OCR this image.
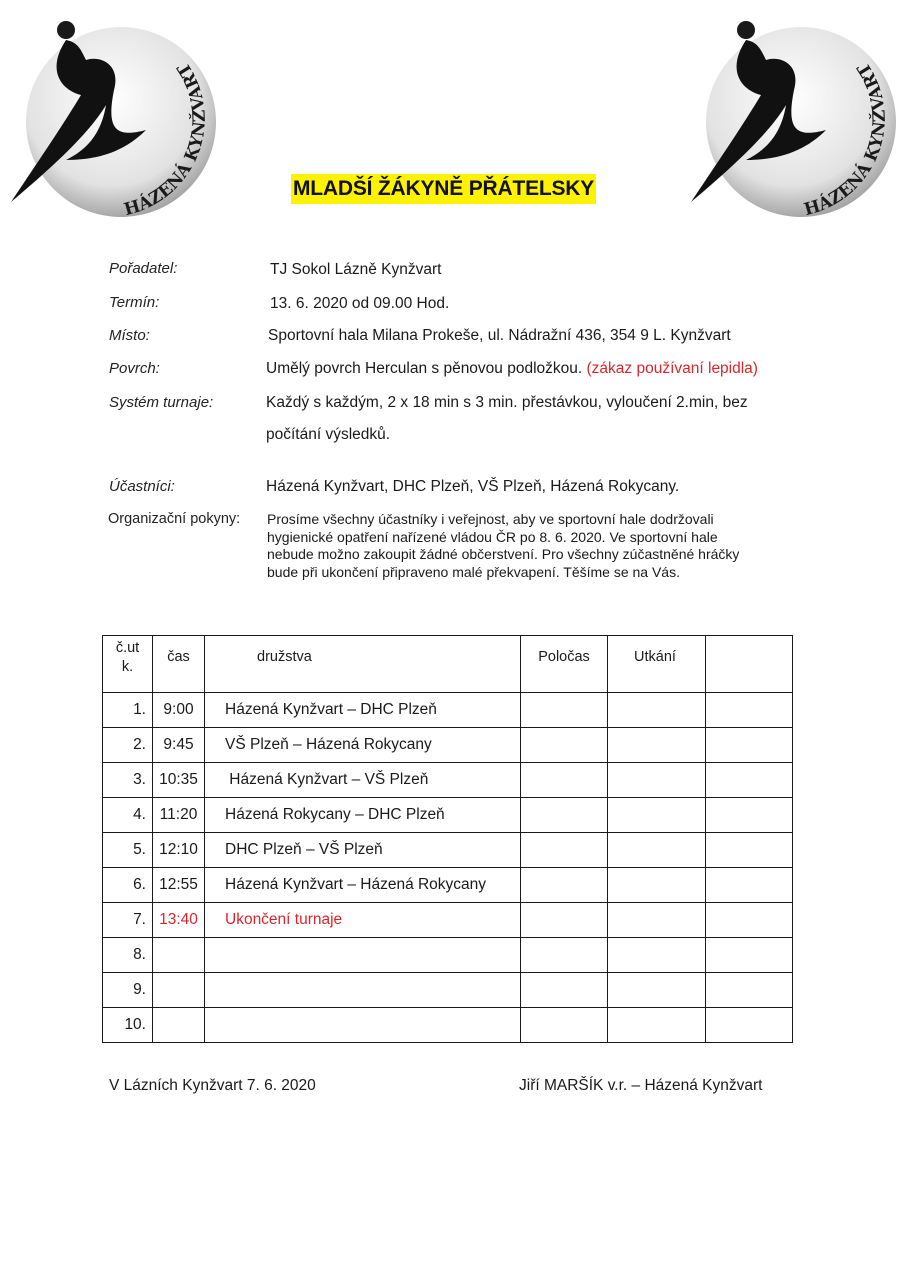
HÁZENÁ KYNŽVART
HÁZENÁ KYNŽVART
MLADŠÍ ŽÁKYNĚ PŘÁTELSKY
Pořadatel:	TJ Sokol Lázně Kynžvart
Termín:	13. 6. 2020 od 09.00 Hod.
Místo:	Sportovní hala Milana Prokeše, ul. Nádražní 436, 354 9 L. Kynžvart
Povrch:	Umělý povrch Herculan s pěnovou podložkou. (zákaz používaní lepidla)
Systém turnaje:	Každý s každým, 2 x 18 min s 3 min. přestávkou, vyloučení 2.min, bez
počítání výsledků.
Účastníci:	Házená Kynžvart, DHC Plzeň, VŠ Plzeň, Házená Rokycany.
Organizační pokyny: Prosíme všechny účastníky i veřejnost, aby ve sportovní hale dodržovali
hygienické opatření nařízené vládou ČR po 8. 6. 2020. Ve sportovní hale
nebude možno zakoupit žádné občerstvení. Pro všechny zúčastněné hráčky
bude při ukončení připraveno malé překvapení. Těšíme se na Vás.
č.ut
k.	čas	družstva	Poločas	Utkání	

1.	9:00	Házená Kynžvart – DHC Plzeň			

2.	9:45	VŠ Plzeň – Házená Rokycany			

3.	10:35	Házená Kynžvart – VŠ Plzeň			

4.	11:20	Házená Rokycany – DHC Plzeň			

5.	12:10	DHC Plzeň – VŠ Plzeň			

6.	12:55	Házená Kynžvart – Házená Rokycany			

7.	13:40	Ukončení turnaje			

8.					

9.					

10.					

V Lázních Kynžvart 7. 6. 2020	Jiří MARŠÍK v.r. – Házená Kynžvart
